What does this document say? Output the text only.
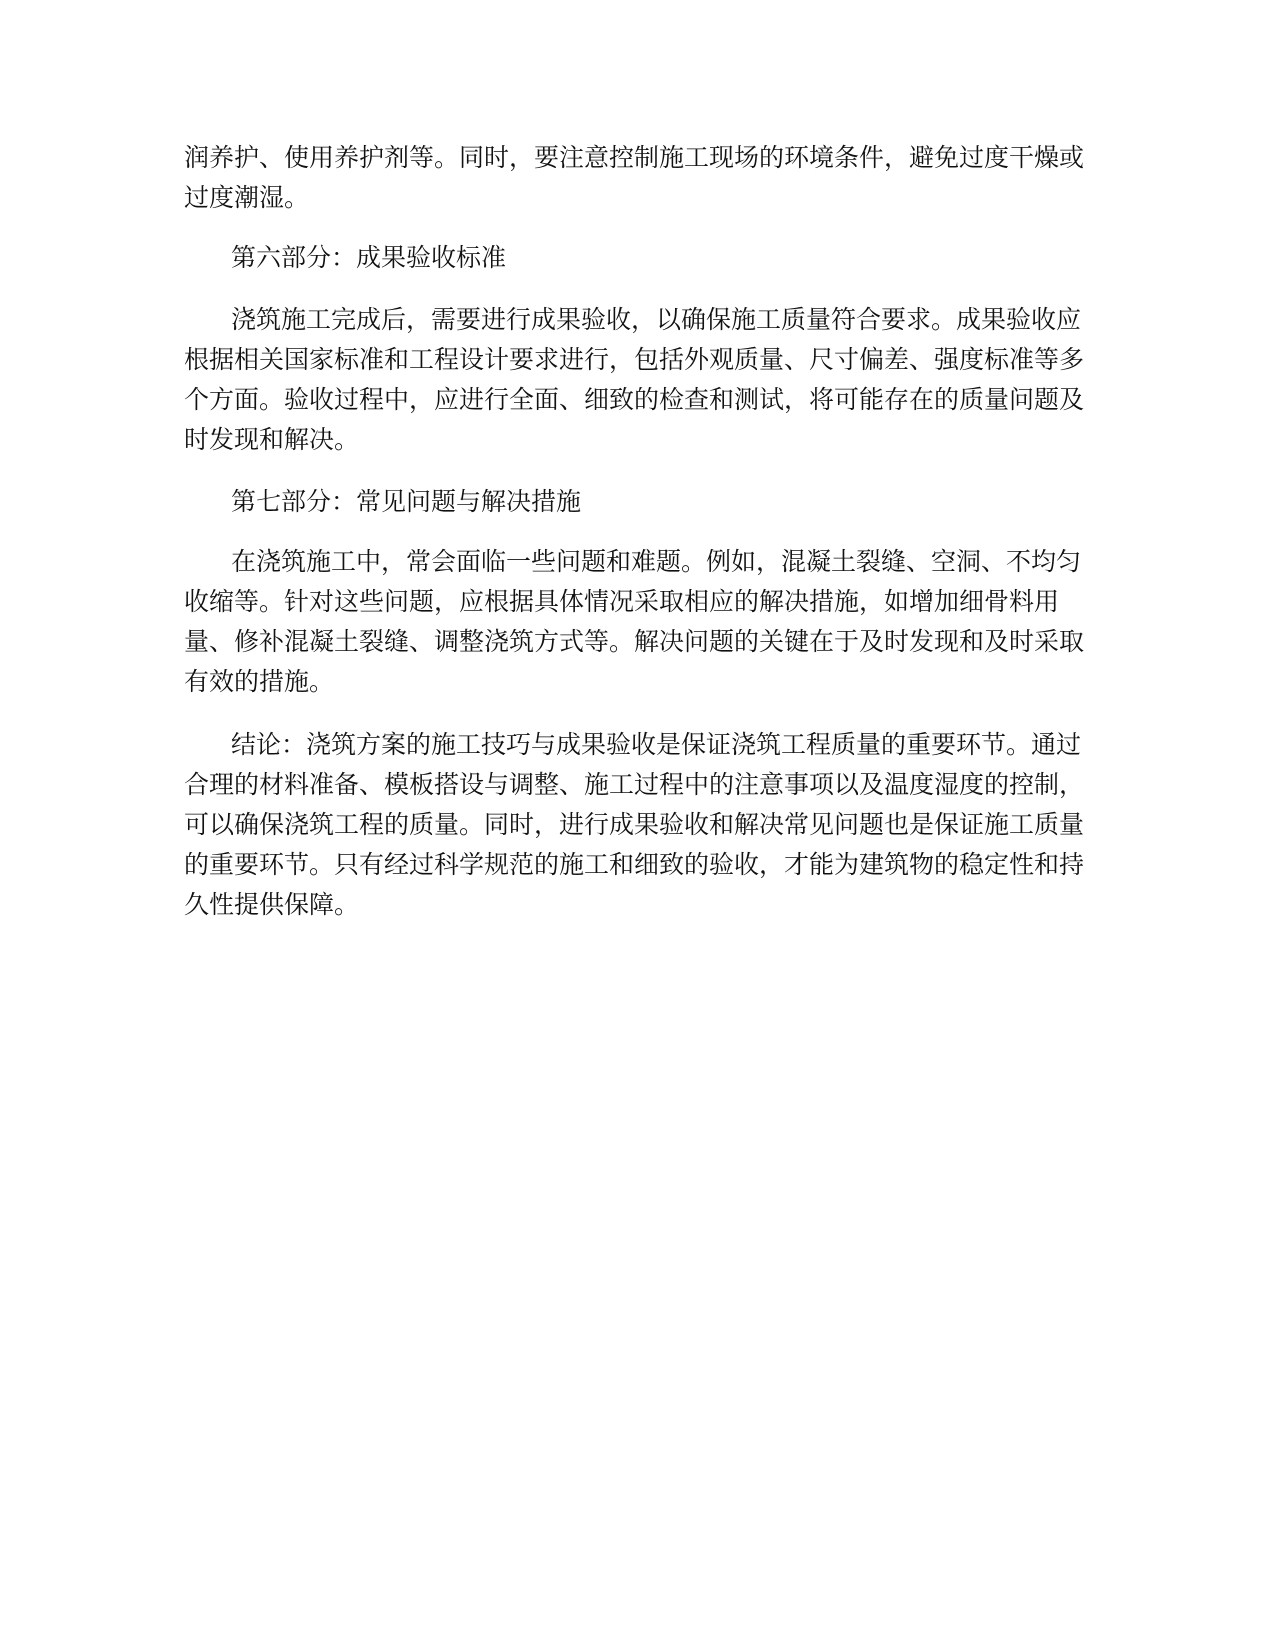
润养护、使用养护剂等。同时，要注意控制施工现场的环境条件，避免过度干燥或
过度潮湿。
第六部分：成果验收标准
浇筑施工完成后，需要进行成果验收，以确保施工质量符合要求。成果验收应
根据相关国家标准和工程设计要求进行，包括外观质量、尺寸偏差、强度标准等多
个方面。验收过程中，应进行全面、细致的检查和测试，将可能存在的质量问题及
时发现和解决。
第七部分：常见问题与解决措施
在浇筑施工中，常会面临一些问题和难题。例如，混凝土裂缝、空洞、不均匀
收缩等。针对这些问题，应根据具体情况采取相应的解决措施，如增加细骨料用
量、修补混凝土裂缝、调整浇筑方式等。解决问题的关键在于及时发现和及时采取
有效的措施。
结论：浇筑方案的施工技巧与成果验收是保证浇筑工程质量的重要环节。通过
合理的材料准备、模板搭设与调整、施工过程中的注意事项以及温度湿度的控制，
可以确保浇筑工程的质量。同时，进行成果验收和解决常见问题也是保证施工质量
的重要环节。只有经过科学规范的施工和细致的验收，才能为建筑物的稳定性和持
久性提供保障。
